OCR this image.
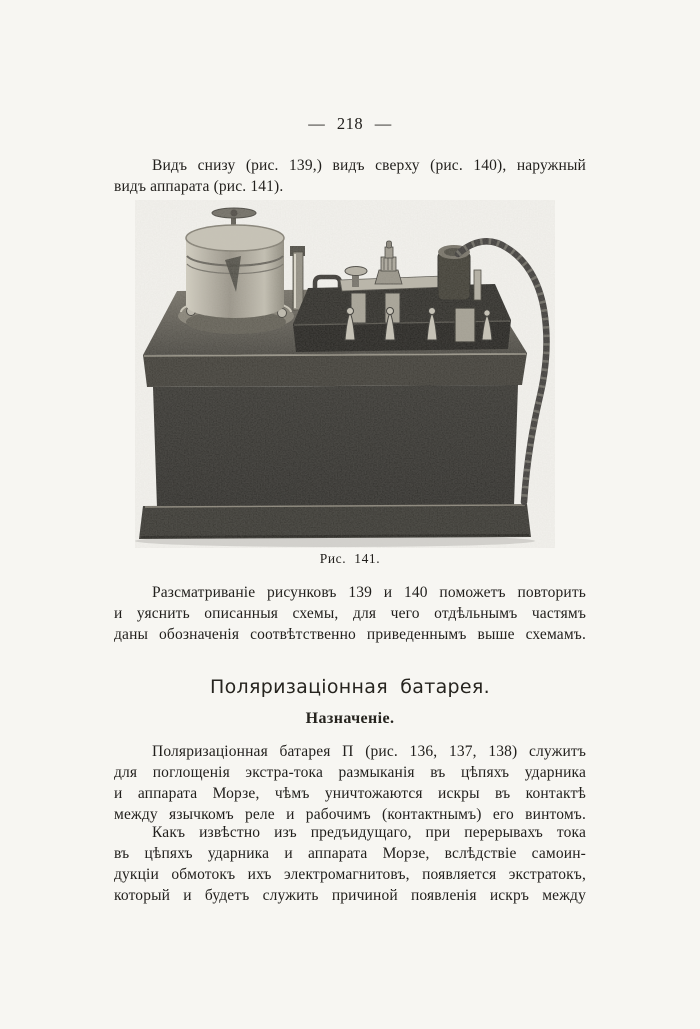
— 218 —
Видъ снизу (рис. 139,) видъ сверху (рис. 140), наружный
видъ аппарата (рис. 141).
Рис. 141.
Разсматриваніе рисунковъ 139 и 140 поможетъ повторить
и уяснить описанныя схемы, для чего отдѣльнымъ частямъ
даны обозначенія соотвѣтственно приведеннымъ выше схемамъ.
Поляризаціонная батарея.
Назначеніе.
Поляризаціонная батарея П (рис. 136, 137, 138) служитъ
для поглощенія экстра-тока размыканія въ цѣпяхъ ударника
и аппарата Морзе, чѣмъ уничтожаются искры въ контактѣ
между язычкомъ реле и рабочимъ (контактнымъ) его винтомъ.
Какъ извѣстно изъ предъидущаго, при перерывахъ тока
въ цѣпяхъ ударника и аппарата Морзе, вслѣдствіе самоин-
дукціи обмотокъ ихъ электромагнитовъ, появляется экстратокъ,
который и будетъ служить причиной появленія искръ между
